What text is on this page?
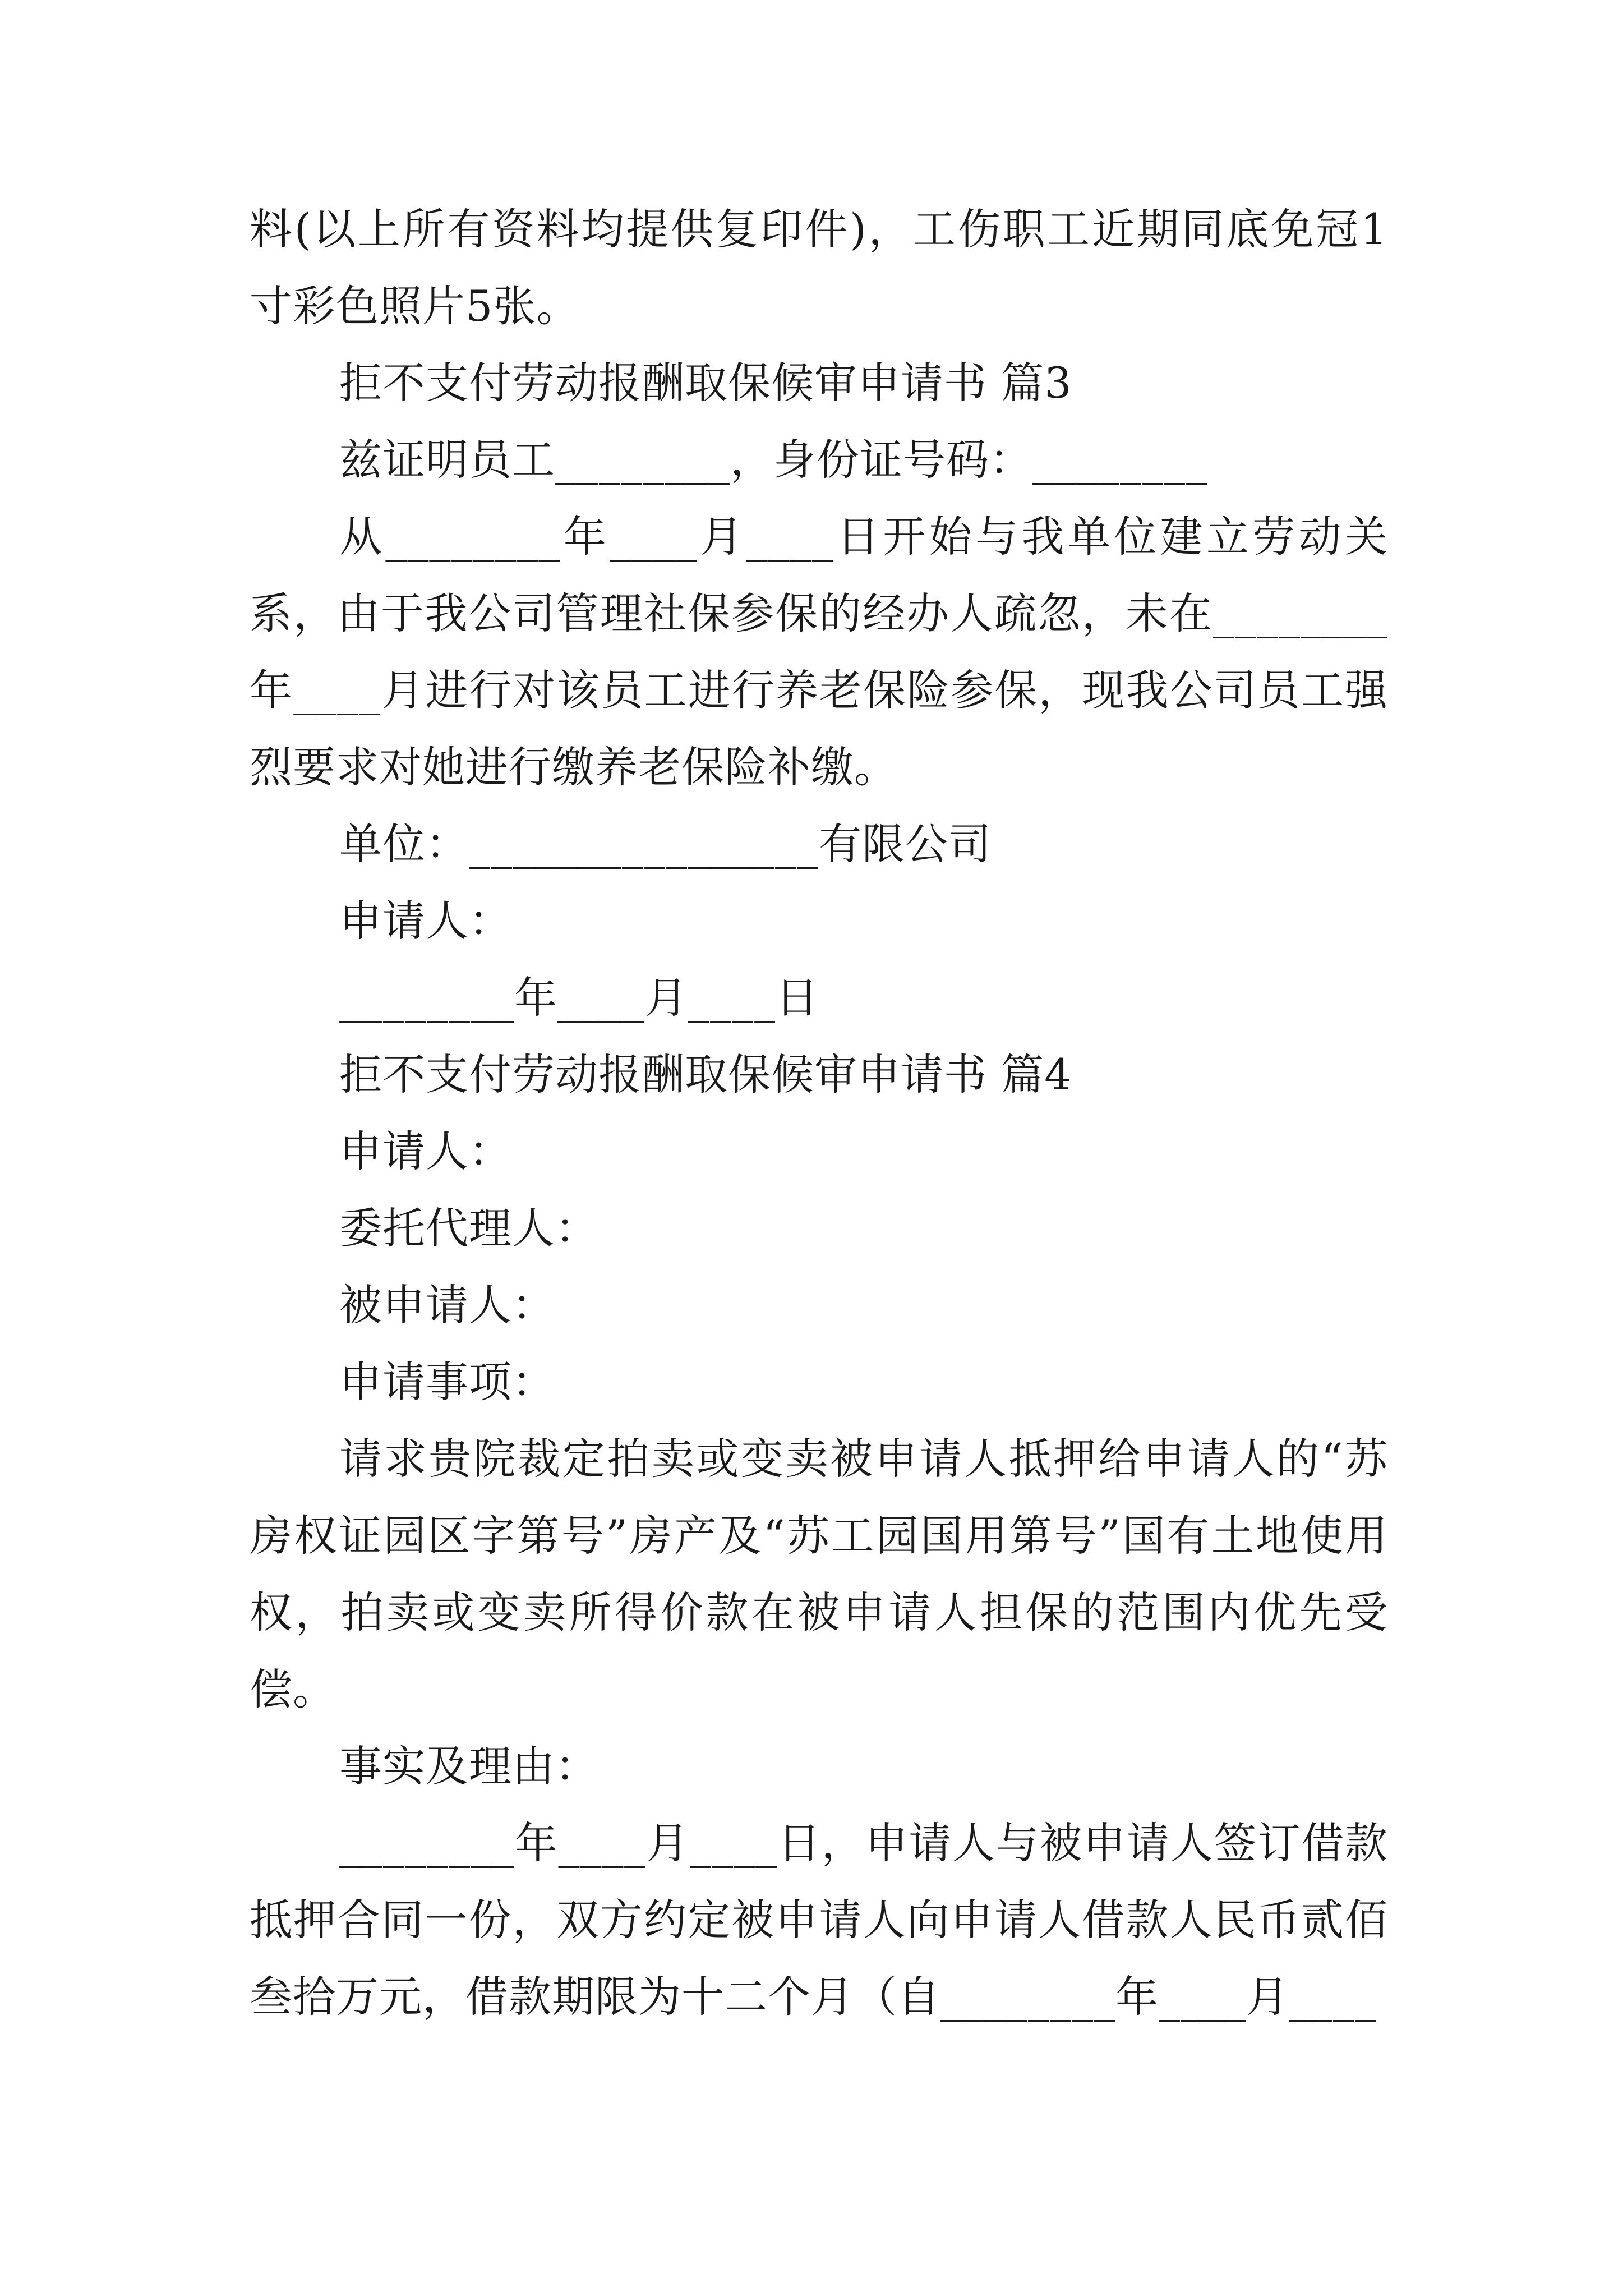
料(以上所有资料均提供复印件)，工伤职工近期同底免冠1寸彩色照片5张。

拒不支付劳动报酬取保候审申请书 篇3

兹证明员工________，身份证号码：________

从________年____月____日开始与我单位建立劳动关系，由于我公司管理社保参保的经办人疏忽，未在________年____月进行对该员工进行养老保险参保，现我公司员工强烈要求对她进行缴养老保险补缴。

单位：________________有限公司

申请人：

________年____月____日

拒不支付劳动报酬取保候审申请书 篇4

申请人：

委托代理人：

被申请人：

申请事项：

请求贵院裁定拍卖或变卖被申请人抵押给申请人的“苏房权证园区字第号”房产及“苏工园国用第号”国有土地使用权，拍卖或变卖所得价款在被申请人担保的范围内优先受偿。

事实及理由：

________年____月____日，申请人与被申请人签订借款抵押合同一份，双方约定被申请人向申请人借款人民币贰佰叁拾万元，借款期限为十二个月（自________年____月____
